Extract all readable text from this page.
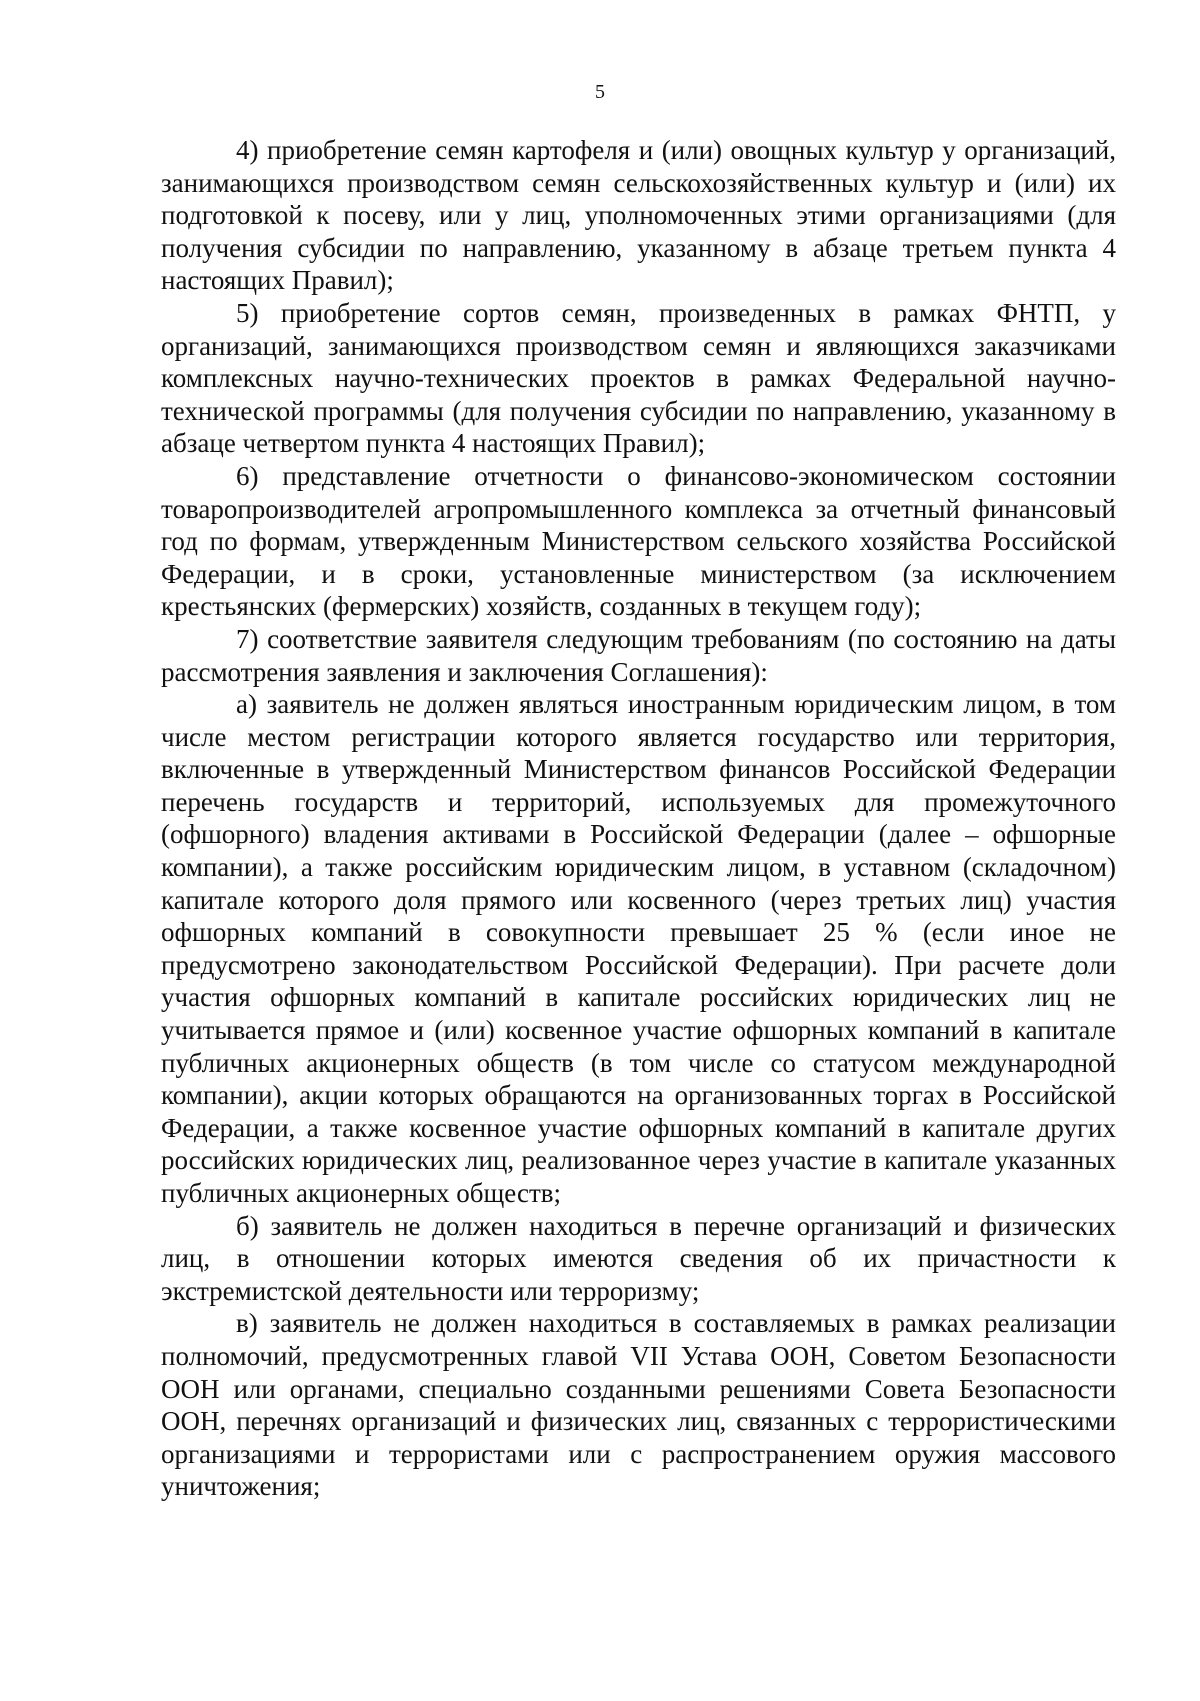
5

4) приобретение семян картофеля и (или) овощных культур у организаций, занимающихся производством семян сельскохозяйственных культур и (или) их подготовкой к посеву, или у лиц, уполномоченных этими организациями (для получения субсидии по направлению, указанному в абзаце третьем пункта 4 настоящих Правил);

5) приобретение сортов семян, произведенных в рамках ФНТП, у организаций, занимающихся производством семян и являющихся заказчиками комплексных научно-технических проектов в рамках Федеральной научно-технической программы (для получения субсидии по направлению, указанному в абзаце четвертом пункта 4 настоящих Правил);

6) представление отчетности о финансово-экономическом состоянии товаропроизводителей агропромышленного комплекса за отчетный финансовый год по формам, утвержденным Министерством сельского хозяйства Российской Федерации, и в сроки, установленные министерством (за исключением крестьянских (фермерских) хозяйств, созданных в текущем году);

7) соответствие заявителя следующим требованиям (по состоянию на даты рассмотрения заявления и заключения Соглашения):

а) заявитель не должен являться иностранным юридическим лицом, в том числе местом регистрации которого является государство или территория, включенные в утвержденный Министерством финансов Российской Федерации перечень государств и территорий, используемых для промежуточного (офшорного) владения активами в Российской Федерации (далее – офшорные компании), а также российским юридическим лицом, в уставном (складочном) капитале которого доля прямого или косвенного (через третьих лиц) участия офшорных компаний в совокупности превышает 25 % (если иное не предусмотрено законодательством Российской Федерации). При расчете доли участия офшорных компаний в капитале российских юридических лиц не учитывается прямое и (или) косвенное участие офшорных компаний в капитале публичных акционерных обществ (в том числе со статусом международной компании), акции которых обращаются на организованных торгах в Российской Федерации, а также косвенное участие офшорных компаний в капитале других российских юридических лиц, реализованное через участие в капитале указанных публичных акционерных обществ;

б) заявитель не должен находиться в перечне организаций и физических лиц, в отношении которых имеются сведения об их причастности к экстремистской деятельности или терроризму;

в) заявитель не должен находиться в составляемых в рамках реализации полномочий, предусмотренных главой VII Устава ООН, Советом Безопасности ООН или органами, специально созданными решениями Совета Безопасности ООН, перечнях организаций и физических лиц, связанных с террористическими организациями и террористами или с распространением оружия массового уничтожения;
